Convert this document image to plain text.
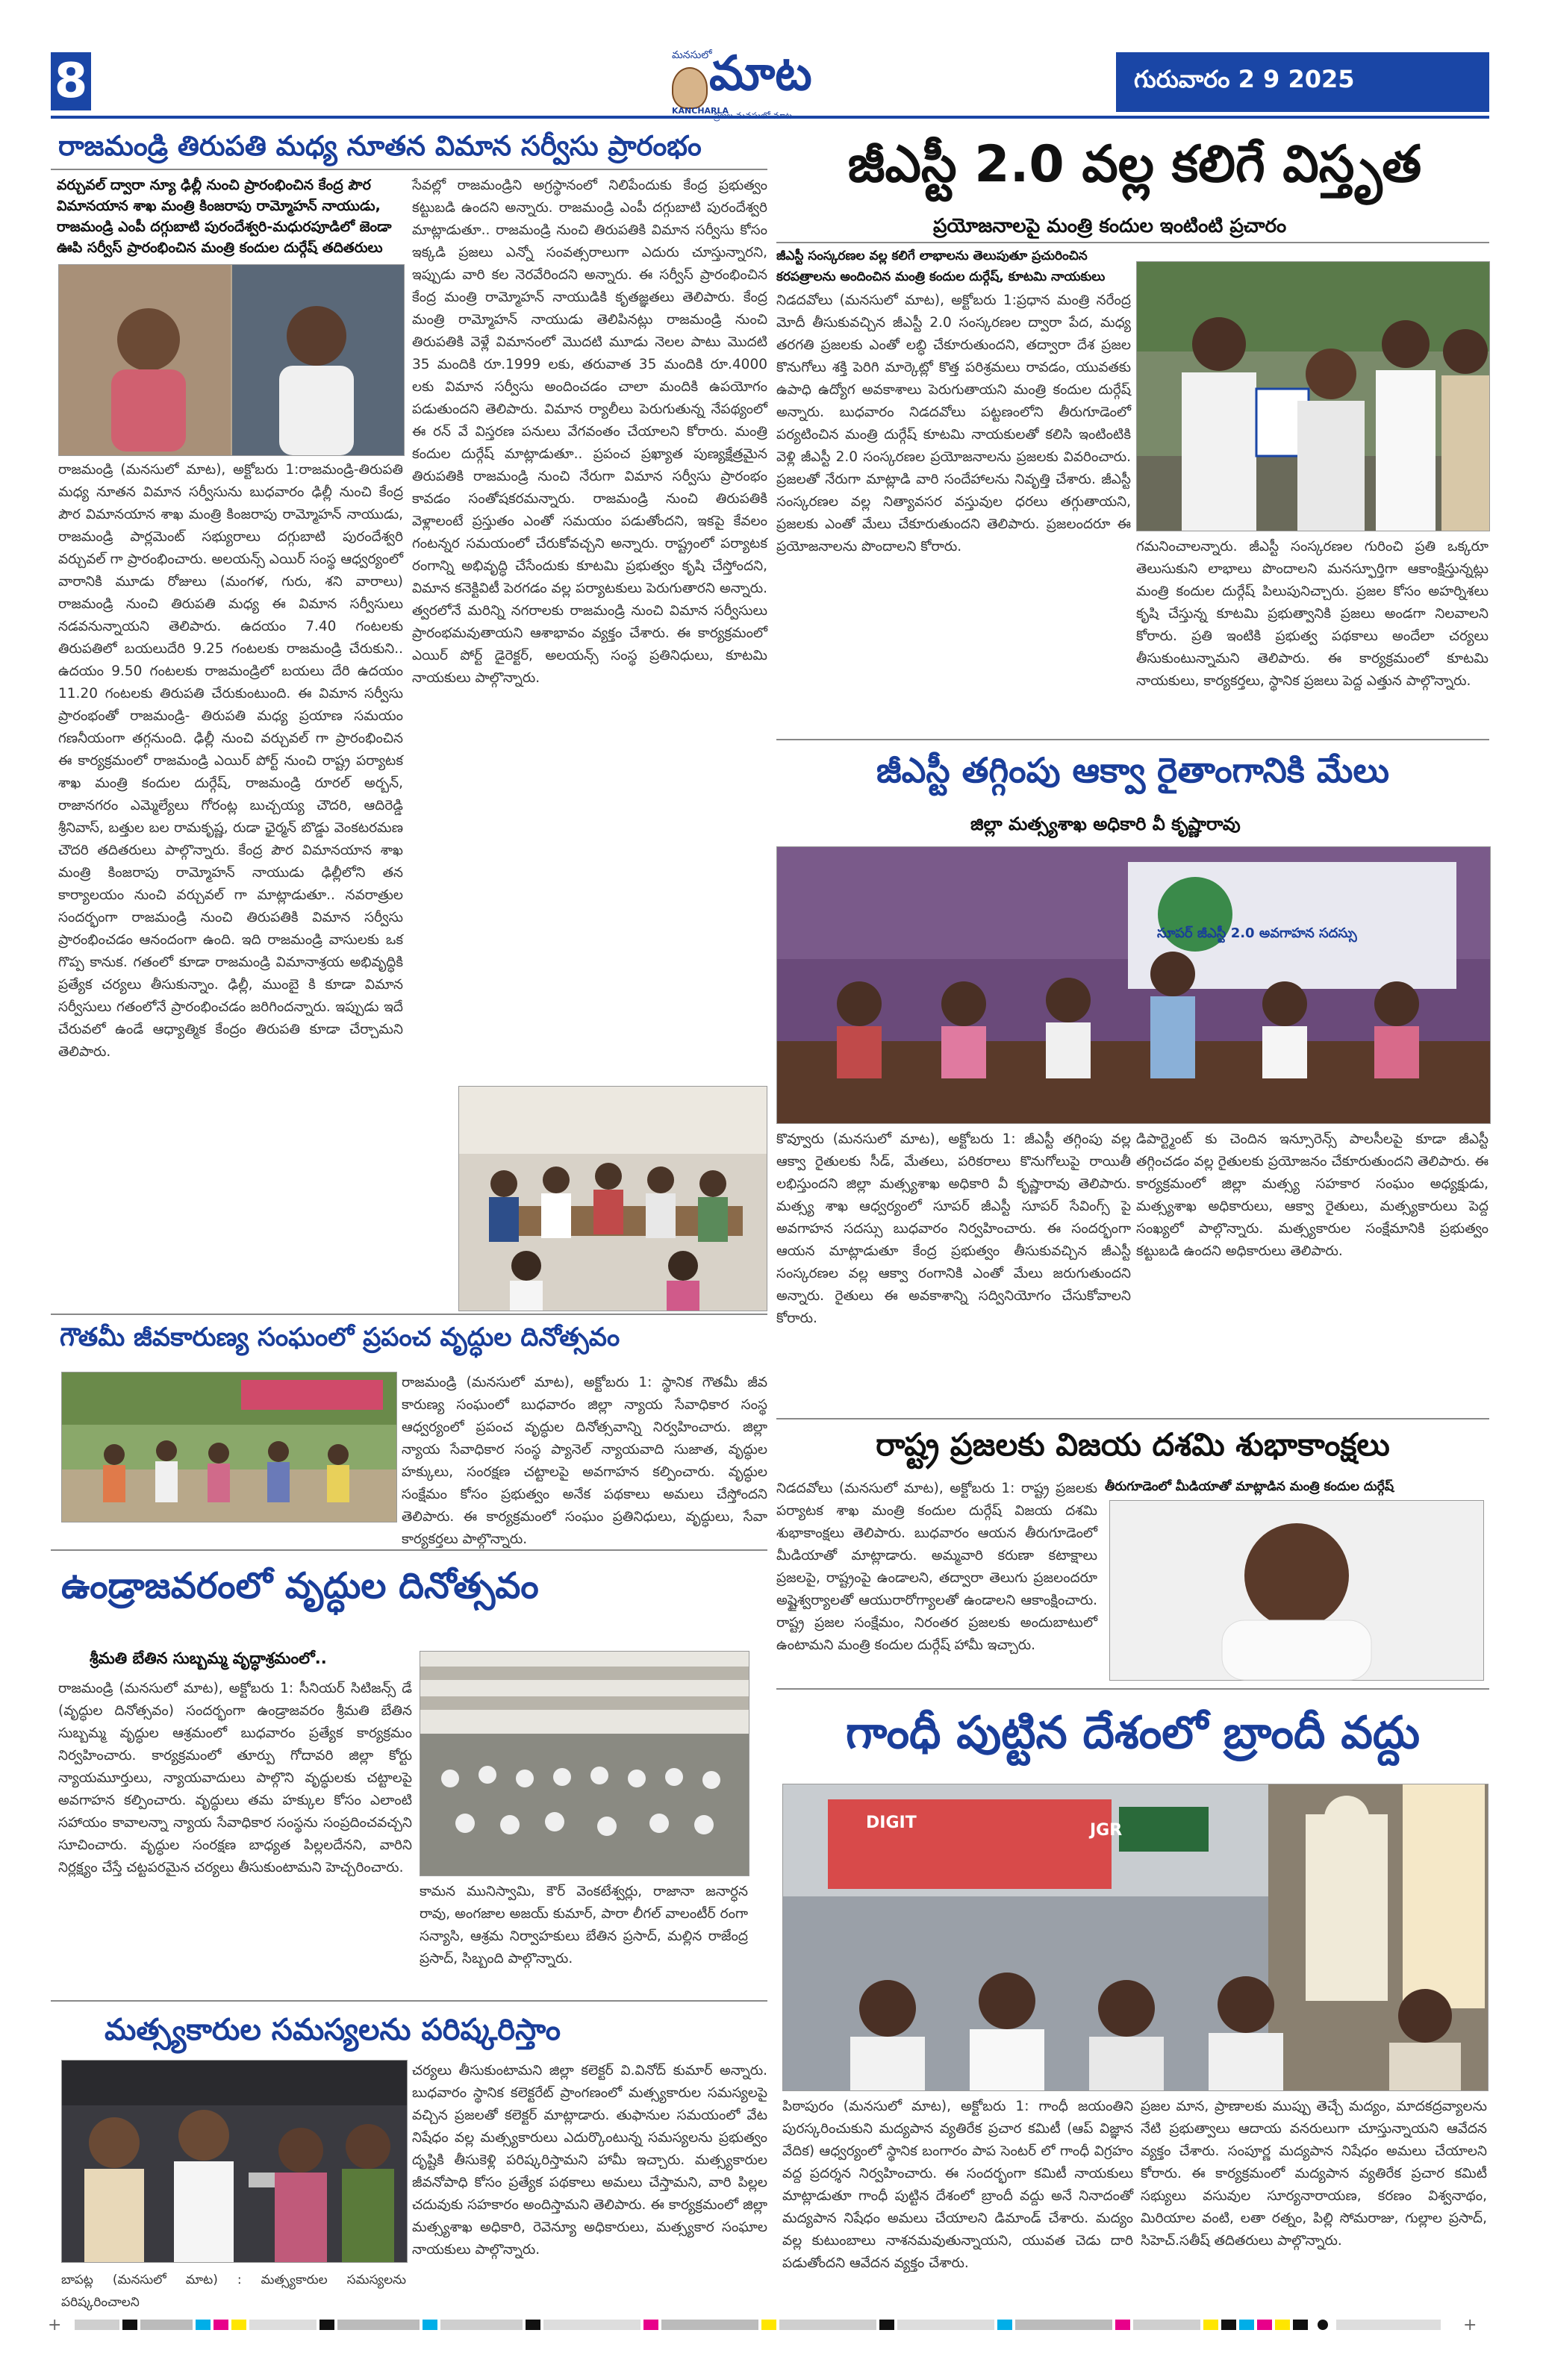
8	మనసులో
మాట
KANCHARLA
గురువారం 2 9 2025
రాజమండ్రి తిరుపతి మధ్య నూతన విమాన సర్వీసు ప్రారంభం
వర్చువల్ ద్వారా న్యూ ఢిల్లీ నుంచి ప్రారంభించిన కేంద్ర పౌర విమానయాన శాఖ మంత్రి కింజరాపు రామ్మోహన్ నాయుడు, రాజమండ్రి ఎంపీ దగ్గుబాటి పురందేశ్వరి-మధురపూడిలో జెండా ఊపి సర్వీస్ ప్రారంభించిన మంత్రి కందుల దుర్గేష్ తదితరులు
రాజమండ్రి (మనసులో మాట), అక్టోబరు 1:రాజమండ్రి-తిరుపతి మధ్య నూతన విమాన సర్వీసును బుధవారం ఢిల్లీ నుంచి కేంద్ర పౌర విమానయాన శాఖ మంత్రి కింజరాపు రామ్మోహన్ నాయుడు, రాజమండ్రి పార్లమెంట్ సభ్యురాలు దగ్గుబాటి పురందేశ్వరి వర్చువల్ గా ప్రారంభించారు. అలయన్స్ ఎయిర్ సంస్థ ఆధ్వర్యంలో వారానికి మూడు రోజులు (మంగళ, గురు, శని వారాలు) రాజమండ్రి నుంచి తిరుపతి మధ్య ఈ విమాన సర్వీసులు నడవనున్నాయని తెలిపారు. ఉదయం 7.40 గంటలకు తిరుపతిలో బయలుదేరి 9.25 గంటలకు రాజమండ్రి చేరుకుని.. ఉదయం 9.50 గంటలకు రాజమండ్రిలో బయలు దేరి ఉదయం 11.20 గంటలకు తిరుపతి చేరుకుంటుంది. ఈ విమాన సర్వీసు ప్రారంభంతో రాజమండ్రి- తిరుపతి మధ్య ప్రయాణ సమయం గణనీయంగా తగ్గనుంది. ఢిల్లీ నుంచి వర్చువల్ గా ప్రారంభించిన ఈ కార్యక్రమంలో రాజమండ్రి ఎయిర్ పోర్ట్ నుంచి రాష్ట్ర పర్యాటక శాఖ మంత్రి కందుల దుర్గేష్, రాజమండ్రి రూరల్ అర్బన్, రాజానగరం ఎమ్మెల్యేలు గోరంట్ల బుచ్చయ్య చౌదరి, ఆదిరెడ్డి శ్రీనివాస్, బత్తుల బల రామకృష్ణ, రుడా ఛైర్మన్ బొడ్డు వెంకటరమణ చౌదరి తదితరులు పాల్గొన్నారు. కేంద్ర పౌర విమానయాన శాఖ మంత్రి కింజరాపు రామ్మోహన్ నాయుడు ఢిల్లీలోని తన కార్యాలయం నుంచి వర్చువల్ గా మాట్లాడుతూ.. నవరాత్రుల సందర్భంగా రాజమండ్రి నుంచి తిరుపతికి విమాన సర్వీసు ప్రారంభించడం ఆనందంగా ఉంది. ఇది రాజమండ్రి వాసులకు ఒక గొప్ప కానుక. గతంలో కూడా రాజమండ్రి విమానాశ్రయ అభివృద్ధికి ప్రత్యేక చర్యలు తీసుకున్నాం. ఢిల్లీ, ముంబై కి కూడా విమాన సర్వీసులు గతంలోనే ప్రారంభించడం జరిగిందన్నారు. ఇప్పుడు ఇదే చేరువలో ఉండే ఆధ్యాత్మిక కేంద్రం తిరుపతి కూడా చేర్చామని తెలిపారు.
సేవల్లో రాజమండ్రిని అగ్రస్థానంలో నిలిపేందుకు కేంద్ర ప్రభుత్వం కట్టుబడి ఉందని అన్నారు. రాజమండ్రి ఎంపీ దగ్గుబాటి పురందేశ్వరి మాట్లాడుతూ.. రాజమండ్రి నుంచి తిరుపతికి విమాన సర్వీసు కోసం ఇక్కడి ప్రజలు ఎన్నో సంవత్సరాలుగా ఎదురు చూస్తున్నారని, ఇప్పుడు వారి కల నెరవేరిందని అన్నారు. ఈ సర్వీస్ ప్రారంభించిన కేంద్ర మంత్రి రామ్మోహన్ నాయుడికి కృతజ్ఞతలు తెలిపారు. కేంద్ర మంత్రి రామ్మోహన్ నాయుడు తెలిపినట్లు రాజమండ్రి నుంచి తిరుపతికి వెళ్లే విమానంలో మొదటి మూడు నెలల పాటు మొదటి 35 మందికి రూ.1999 లకు, తరువాత 35 మందికి రూ.4000 లకు విమాన సర్వీసు అందించడం చాలా మందికి ఉపయోగం పడుతుందని తెలిపారు. విమాన ర్యాలీలు పెరుగుతున్న నేపథ్యంలో ఈ రన్ వే విస్తరణ పనులు వేగవంతం చేయాలని కోరారు. మంత్రి కందుల దుర్గేష్ మాట్లాడుతూ.. ప్రపంచ ప్రఖ్యాత పుణ్యక్షేత్రమైన తిరుపతికి రాజమండ్రి నుంచి నేరుగా విమాన సర్వీసు ప్రారంభం కావడం సంతోషకరమన్నారు. రాజమండ్రి నుంచి తిరుపతికి వెళ్లాలంటే ప్రస్తుతం ఎంతో సమయం పడుతోందని, ఇకపై కేవలం గంటన్నర సమయంలో చేరుకోవచ్చని అన్నారు. రాష్ట్రంలో పర్యాటక రంగాన్ని అభివృద్ధి చేసేందుకు కూటమి ప్రభుత్వం కృషి చేస్తోందని, విమాన కనెక్టివిటీ పెరగడం వల్ల పర్యాటకులు పెరుగుతారని అన్నారు. త్వరలోనే మరిన్ని నగరాలకు రాజమండ్రి నుంచి విమాన సర్వీసులు ప్రారంభమవుతాయని ఆశాభావం వ్యక్తం చేశారు. ఈ కార్యక్రమంలో ఎయిర్ పోర్ట్ డైరెక్టర్, అలయన్స్ సంస్థ ప్రతినిధులు, కూటమి నాయకులు పాల్గొన్నారు.
గౌతమీ జీవకారుణ్య సంఘంలో ప్రపంచ వృద్ధుల దినోత్సవం
రాజమండ్రి (మనసులో మాట), అక్టోబరు 1: స్థానిక గౌతమీ జీవ కారుణ్య సంఘంలో బుధవారం జిల్లా న్యాయ సేవాధికార సంస్థ ఆధ్వర్యంలో ప్రపంచ వృద్ధుల దినోత్సవాన్ని నిర్వహించారు. జిల్లా న్యాయ సేవాధికార సంస్థ ప్యానెల్ న్యాయవాది సుజాత, వృద్ధుల హక్కులు, సంరక్షణ చట్టాలపై అవగాహన కల్పించారు. వృద్ధుల సంక్షేమం కోసం ప్రభుత్వం అనేక పథకాలు అమలు చేస్తోందని తెలిపారు. ఈ కార్యక్రమంలో సంఘం ప్రతినిధులు, వృద్ధులు, సేవా కార్యకర్తలు పాల్గొన్నారు.
ఉండ్రాజవరంలో వృద్ధుల దినోత్సవం
శ్రీమతి బేతిన సుబ్బమ్మ వృద్ధాశ్రమంలో..
రాజమండ్రి (మనసులో మాట), అక్టోబరు 1: సీనియర్ సిటిజన్స్ డే (వృద్ధుల దినోత్సవం) సందర్భంగా ఉండ్రాజవరం శ్రీమతి బేతిన సుబ్బమ్మ వృద్ధుల ఆశ్రమంలో బుధవారం ప్రత్యేక కార్యక్రమం నిర్వహించారు. కార్యక్రమంలో తూర్పు గోదావరి జిల్లా కోర్టు న్యాయమూర్తులు, న్యాయవాదులు పాల్గొని వృద్ధులకు చట్టాలపై అవగాహన కల్పించారు. వృద్ధులు తమ హక్కుల కోసం ఎలాంటి సహాయం కావాలన్నా న్యాయ సేవాధికార సంస్థను సంప్రదించవచ్చని సూచించారు. వృద్ధుల సంరక్షణ బాధ్యత పిల్లలదేనని, వారిని నిర్లక్ష్యం చేస్తే చట్టపరమైన చర్యలు తీసుకుంటామని హెచ్చరించారు.
కామన మునిస్వామి, కౌర్ వెంకటేశ్వర్లు, రాజానా జనార్ధన రావు, అంగజాల అజయ్ కుమార్, పారా లీగల్ వాలంటీర్ రంగా సన్యాసి, ఆశ్రమ నిర్వాహకులు బేతిన ప్రసాద్, మల్లిన రాజేంద్ర ప్రసాద్, సిబ్బంది పాల్గొన్నారు.
మత్స్యకారుల సమస్యలను పరిష్కరిస్తాం
చర్యలు తీసుకుంటామని జిల్లా కలెక్టర్ వి.వినోద్ కుమార్ అన్నారు. బుధవారం స్థానిక కలెక్టరేట్ ప్రాంగణంలో మత్స్యకారుల సమస్యలపై వచ్చిన ప్రజలతో కలెక్టర్ మాట్లాడారు. తుఫానుల సమయంలో వేట నిషేధం వల్ల మత్స్యకారులు ఎదుర్కొంటున్న సమస్యలను ప్రభుత్వం దృష్టికి తీసుకెళ్లి పరిష్కరిస్తామని హామీ ఇచ్చారు. మత్స్యకారుల జీవనోపాధి కోసం ప్రత్యేక పథకాలు అమలు చేస్తామని, వారి పిల్లల చదువుకు సహకారం అందిస్తామని తెలిపారు. ఈ కార్యక్రమంలో జిల్లా మత్స్యశాఖ అధికారి, రెవెన్యూ అధికారులు, మత్స్యకార సంఘాల నాయకులు పాల్గొన్నారు.
బాపట్ల (మనసులో మాట) : మత్స్యకారుల సమస్యలను పరిష్కరించాలని
జీఎస్టీ 2.0 వల్ల కలిగే విస్తృత
ప్రయోజనాలపై మంత్రి కందుల ఇంటింటి ప్రచారం
జీఎస్టీ సంస్కరణల వల్ల కలిగే లాభాలను తెలుపుతూ ప్రచురించిన
కరపత్రాలను అందించిన మంత్రి కందుల దుర్గేష్, కూటమి నాయకులు
నిడదవోలు (మనసులో మాట), అక్టోబరు 1:ప్రధాన మంత్రి నరేంద్ర మోదీ తీసుకువచ్చిన జీఎస్టీ 2.0 సంస్కరణల ద్వారా పేద, మధ్య తరగతి ప్రజలకు ఎంతో లబ్ధి చేకూరుతుందని, తద్వారా దేశ ప్రజల కొనుగోలు శక్తి పెరిగి మార్కెట్లో కొత్త పరిశ్రమలు రావడం, యువతకు ఉపాధి ఉద్యోగ అవకాశాలు పెరుగుతాయని మంత్రి కందుల దుర్గేష్ అన్నారు. బుధవారం నిడదవోలు పట్టణంలోని తీరుగూడెంలో పర్యటించిన మంత్రి దుర్గేష్ కూటమి నాయకులతో కలిసి ఇంటింటికి వెళ్లి జీఎస్టీ 2.0 సంస్కరణల ప్రయోజనాలను ప్రజలకు వివరించారు. ప్రజలతో నేరుగా మాట్లాడి వారి సందేహాలను నివృత్తి చేశారు. జీఎస్టీ సంస్కరణల వల్ల నిత్యావసర వస్తువుల ధరలు తగ్గుతాయని, ప్రజలకు ఎంతో మేలు చేకూరుతుందని తెలిపారు. ప్రజలందరూ ఈ ప్రయోజనాలను పొందాలని కోరారు.	గమనించాలన్నారు. జీఎస్టీ సంస్కరణల గురించి ప్రతి ఒక్కరూ తెలుసుకుని లాభాలు పొందాలని మనస్ఫూర్తిగా ఆకాంక్షిస్తున్నట్లు మంత్రి కందుల దుర్గేష్ పిలుపునిచ్చారు. ప్రజల కోసం అహర్నిశలు కృషి చేస్తున్న కూటమి ప్రభుత్వానికి ప్రజలు అండగా నిలవాలని కోరారు. ప్రతి ఇంటికి ప్రభుత్వ పథకాలు అందేలా చర్యలు తీసుకుంటున్నామని తెలిపారు. ఈ కార్యక్రమంలో కూటమి నాయకులు, కార్యకర్తలు, స్థానిక ప్రజలు పెద్ద ఎత్తున పాల్గొన్నారు.
జీఎస్టీ తగ్గింపు ఆక్వా రైతాంగానికి మేలు
జిల్లా మత్స్యశాఖ అధికారి వీ కృష్ణారావు
సూపర్ జీఎస్టీ 2.0 అవగాహన సదస్సు
కొవ్వూరు (మనసులో మాట), అక్టోబరు 1: జీఎస్టీ తగ్గింపు వల్ల ఆక్వా రైతులకు సీడ్, మేతలు, పరికరాలు కొనుగోలుపై రాయితీ లభిస్తుందని జిల్లా మత్స్యశాఖ అధికారి వీ కృష్ణారావు తెలిపారు. మత్స్య శాఖ ఆధ్వర్యంలో సూపర్ జీఎస్టీ సూపర్ సేవింగ్స్ పై అవగాహన సదస్సు బుధవారం నిర్వహించారు. ఈ సందర్భంగా ఆయన మాట్లాడుతూ కేంద్ర ప్రభుత్వం తీసుకువచ్చిన జీఎస్టీ సంస్కరణల వల్ల ఆక్వా రంగానికి ఎంతో మేలు జరుగుతుందని అన్నారు. రైతులు ఈ అవకాశాన్ని సద్వినియోగం చేసుకోవాలని కోరారు.
డిపార్ట్మెంట్ కు చెందిన ఇన్సూరెన్స్ పాలసీలపై కూడా జీఎస్టీ తగ్గించడం వల్ల రైతులకు ప్రయోజనం చేకూరుతుందని తెలిపారు. ఈ కార్యక్రమంలో జిల్లా మత్స్య సహకార సంఘం అధ్యక్షుడు, మత్స్యశాఖ అధికారులు, ఆక్వా రైతులు, మత్స్యకారులు పెద్ద సంఖ్యలో పాల్గొన్నారు. మత్స్యకారుల సంక్షేమానికి ప్రభుత్వం కట్టుబడి ఉందని అధికారులు తెలిపారు.
రాష్ట్ర ప్రజలకు విజయ దశమి శుభాకాంక్షలు
నిడదవోలు (మనసులో మాట), అక్టోబరు 1: రాష్ట్ర ప్రజలకు పర్యాటక శాఖ మంత్రి కందుల దుర్గేష్ విజయ దశమి శుభాకాంక్షలు తెలిపారు. బుధవారం ఆయన తీరుగూడెంలో మీడియాతో మాట్లాడారు. అమ్మవారి కరుణా కటాక్షాలు ప్రజలపై, రాష్ట్రంపై ఉండాలని, తద్వారా తెలుగు ప్రజలందరూ అష్టైశ్వర్యాలతో ఆయురారోగ్యాలతో ఉండాలని ఆకాంక్షించారు. రాష్ట్ర ప్రజల సంక్షేమం, నిరంతర ప్రజలకు అందుబాటులో ఉంటామని మంత్రి కందుల దుర్గేష్ హామీ ఇచ్చారు.
తీరుగూడెంలో మీడియాతో మాట్లాడిన మంత్రి కందుల దుర్గేష్
గాంధీ పుట్టిన దేశంలో బ్రాందీ వద్దు
DIGIT	JGR
పిఠాపురం (మనసులో మాట), అక్టోబరు 1: గాంధీ జయంతిని పురస్కరించుకుని మద్యపాన వ్యతిరేక ప్రచార కమిటీ (ఆప్ విజ్ఞాన వేదిక) ఆధ్వర్యంలో స్థానిక బంగారం పాప సెంటర్ లో గాంధీ విగ్రహం వద్ద ప్రదర్శన నిర్వహించారు. ఈ సందర్భంగా కమిటీ నాయకులు మాట్లాడుతూ గాంధీ పుట్టిన దేశంలో బ్రాందీ వద్దు అనే నినాదంతో మద్యపాన నిషేధం అమలు చేయాలని డిమాండ్ చేశారు. మద్యం వల్ల కుటుంబాలు నాశనమవుతున్నాయని, యువత చెడు దారి పడుతోందని ఆవేదన వ్యక్తం చేశారు.
ప్రజల మాన, ప్రాణాలకు ముప్పు తెచ్చే మద్యం, మాదకద్రవ్యాలను నేటి ప్రభుత్వాలు ఆదాయ వనరులుగా చూస్తున్నాయని ఆవేదన వ్యక్తం చేశారు. సంపూర్ణ మద్యపాన నిషేధం అమలు చేయాలని కోరారు. ఈ కార్యక్రమంలో మద్యపాన వ్యతిరేక ప్రచార కమిటీ సభ్యులు వసువుల సూర్యనారాయణ, కరణం విశ్వనాథం, మిరియాల వంటి, లతా రత్నం, పిల్లి సోమరాజు, గుల్లాల ప్రసాద్, సిహెచ్.సతీష్ తదితరులు పాల్గొన్నారు.
+	+
